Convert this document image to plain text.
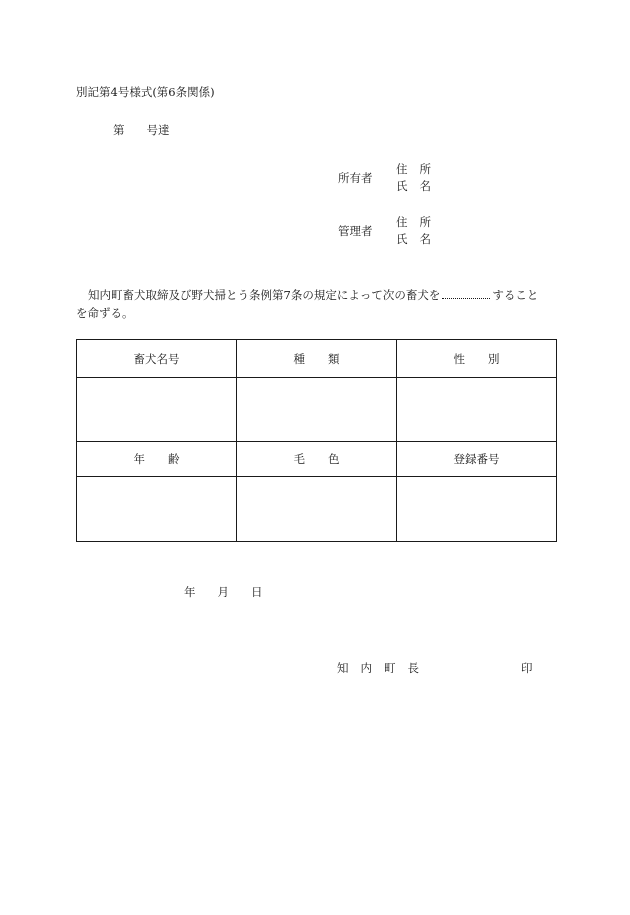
別記第4号様式(第6条関係)
第 号達
所有者
住 所
氏 名
管理者
住 所
氏 名
知内町畜犬取締及び野犬掃とう条例第7条の規定によって次の畜犬を	すること
を命ずる。
畜犬名号	種　　類	性　　別

年　　齢	毛　　色	登録番号

年 月 日
知 内 町 長	印
